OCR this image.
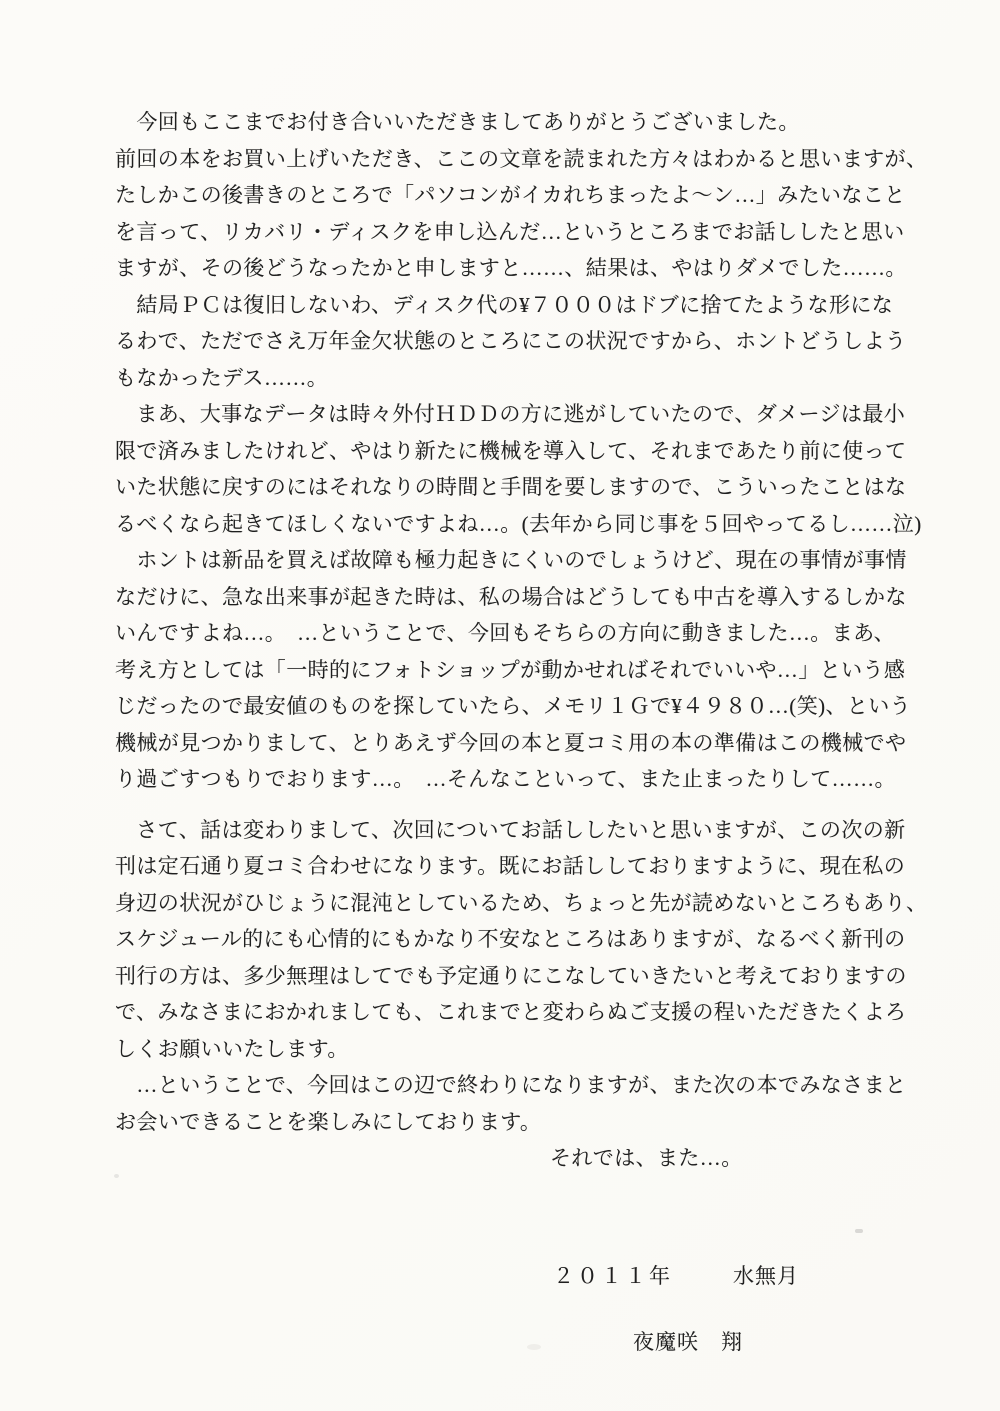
　今回もここまでお付き合いいただきましてありがとうございました。
前回の本をお買い上げいただき、ここの文章を読まれた方々はわかると思いますが、
たしかこの後書きのところで「パソコンがイカれちまったよ～ン…」みたいなこと
を言って、リカバリ・ディスクを申し込んだ…というところまでお話ししたと思い
ますが、その後どうなったかと申しますと……、結果は、やはりダメでした……。
　結局ＰＣは復旧しないわ、ディスク代の¥７０００はドブに捨てたような形にな
るわで、ただでさえ万年金欠状態のところにこの状況ですから、ホントどうしよう
もなかったデス……。
　まあ、大事なデータは時々外付ＨＤＤの方に逃がしていたので、ダメージは最小
限で済みましたけれど、やはり新たに機械を導入して、それまであたり前に使って
いた状態に戻すのにはそれなりの時間と手間を要しますので、こういったことはな
るべくなら起きてほしくないですよね…。(去年から同じ事を５回やってるし……泣)
　ホントは新品を買えば故障も極力起きにくいのでしょうけど、現在の事情が事情
なだけに、急な出来事が起きた時は、私の場合はどうしても中古を導入するしかな
いんですよね…。　…ということで、今回もそちらの方向に動きました…。まあ、
考え方としては「一時的にフォトショップが動かせればそれでいいや…」という感
じだったので最安値のものを探していたら、メモリ１Ｇで¥４９８０…(笑)、という
機械が見つかりまして、とりあえず今回の本と夏コミ用の本の準備はこの機械でや
り過ごすつもりでおります…。　…そんなこといって、また止まったりして……。
　さて、話は変わりまして、次回についてお話ししたいと思いますが、この次の新
刊は定石通り夏コミ合わせになります。既にお話ししておりますように、現在私の
身辺の状況がひじょうに混沌としているため、ちょっと先が読めないところもあり、
スケジュール的にも心情的にもかなり不安なところはありますが、なるべく新刊の
刊行の方は、多少無理はしてでも予定通りにこなしていきたいと考えておりますの
で、みなさまにおかれましても、これまでと変わらぬご支援の程いただきたくよろ
しくお願いいたします。
　…ということで、今回はこの辺で終わりになりますが、また次の本でみなさまと
お会いできることを楽しみにしております。
それでは、また…。
２０１１年	水無月
夜魔咲　翔
